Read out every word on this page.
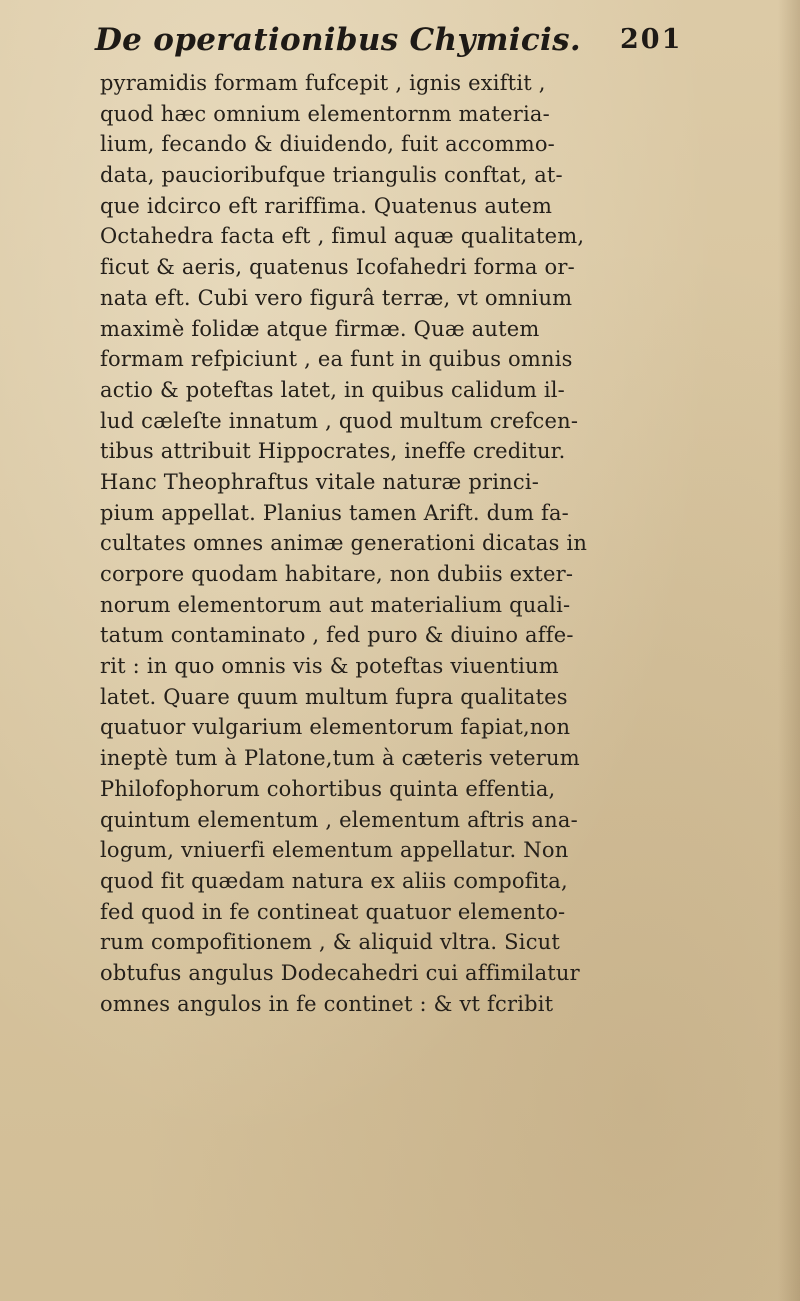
De operationibus Chymicis. 201
pyramidis formam fufcepit , ignis exiftit ,
quod hæc omnium elementornm materia-
lium, fecando & diuidendo, fuit accommo-
data, paucioribufque triangulis conftat, at-
que idcirco eft rariffima. Quatenus autem
Octahedra facta eft , fimul aquæ qualitatem,
ficut & aeris, quatenus Icofahedri forma or-
nata eft. Cubi vero figurâ terræ, vt omnium
maximè folidæ atque firmæ. Quæ autem
formam refpiciunt , ea funt in quibus omnis
actio & poteftas latet, in quibus calidum il-
lud cæleſte innatum , quod multum crefcen-
tibus attribuit Hippocrates, ineffe creditur.
Hanc Theophraftus vitale naturæ princi-
pium appellat. Planius tamen Arift. dum fa-
cultates omnes animæ generationi dicatas in
corpore quodam habitare, non dubiis exter-
norum elementorum aut materialium quali-
tatum contaminato , fed puro & diuino affe-
rit : in quo omnis vis & poteftas viuentium
latet. Quare quum multum fupra qualitates
quatuor vulgarium elementorum fapiat,non
ineptè tum à Platone,tum à cæteris veterum
Philofophorum cohortibus quinta effentia,
quintum elementum , elementum aftris ana-
logum, vniuerfi elementum appellatur. Non
quod fit quædam natura ex aliis compofita,
fed quod in fe contineat quatuor elemento-
rum compofitionem , & aliquid vltra. Sicut
obtufus angulus Dodecahedri cui affimilatur
omnes angulos in fe continet : & vt fcribit
